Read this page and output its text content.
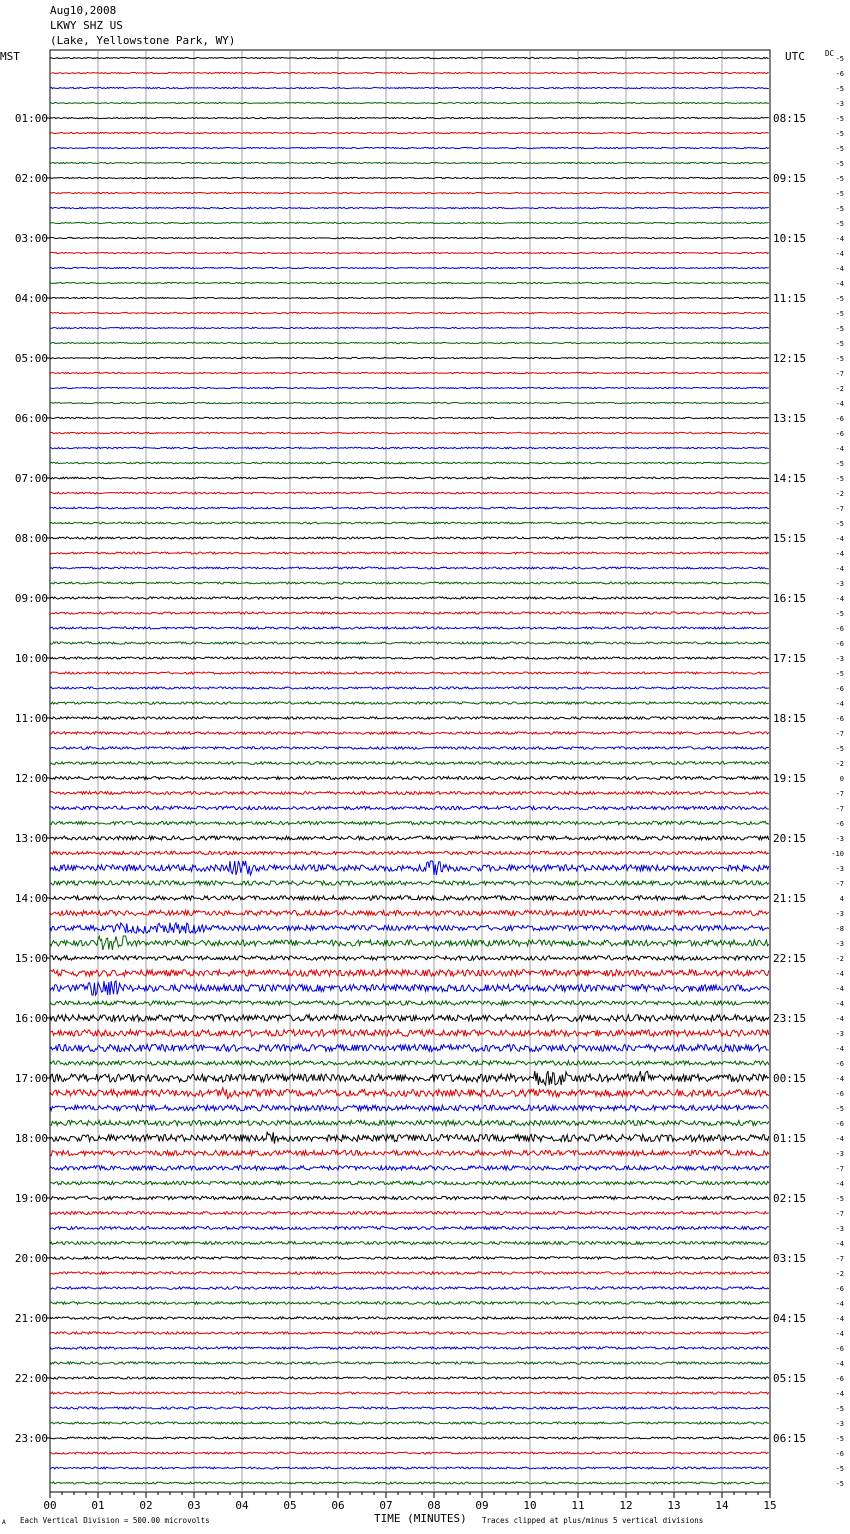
Aug10,2008
LKWY SHZ US
(Lake, Yellowstone Park, WY)
MST	UTC	DC
-5
-6
-5
-3
-5
-5
-5
-5
-5
-5
-5
-5
-4
-4
-4
-4
-5
-5
-5
-5
-5
-7
-2
-4
-6
-6
-4
-5
-5
-2
-7
-5
-4
-4
-4
-3
-4
-5
-6
-6
-3
-5
-6
-4
-6
-7
-5
-2
0
-7
-7
-6
-3
-10
-3
-7
4
-3
-8
-3
-2
-4
-4
-4
-4
-3
-4
-6
-4
-6
-5
-6
-4
-3
-7
-4
-5
-7
-3
-4
-7
-2
-6
-4
-4
-4
-6
-4
-6
-4
-5
-3
-5
-6
-5
-5
01:00
02:00
03:00
04:00
05:00
06:00
07:00
08:00
09:00
10:00
11:00
12:00
13:00
14:00
15:00
16:00
17:00
18:00
19:00
20:00
21:00
22:00
23:00
08:15
09:15
10:15
11:15
12:15
13:15
14:15
15:15
16:15
17:15
18:15
19:15
20:15
21:15
22:15
23:15
00:15
01:15
02:15
03:15
04:15
05:15
06:15
00	01	02	03	04	05	06	07	08	09	10	11	12	13	14	15
Each Vertical Division = 500.00 microvolts	TIME (MINUTES) Traces clipped at plus/minus 5 vertical divisions
A
